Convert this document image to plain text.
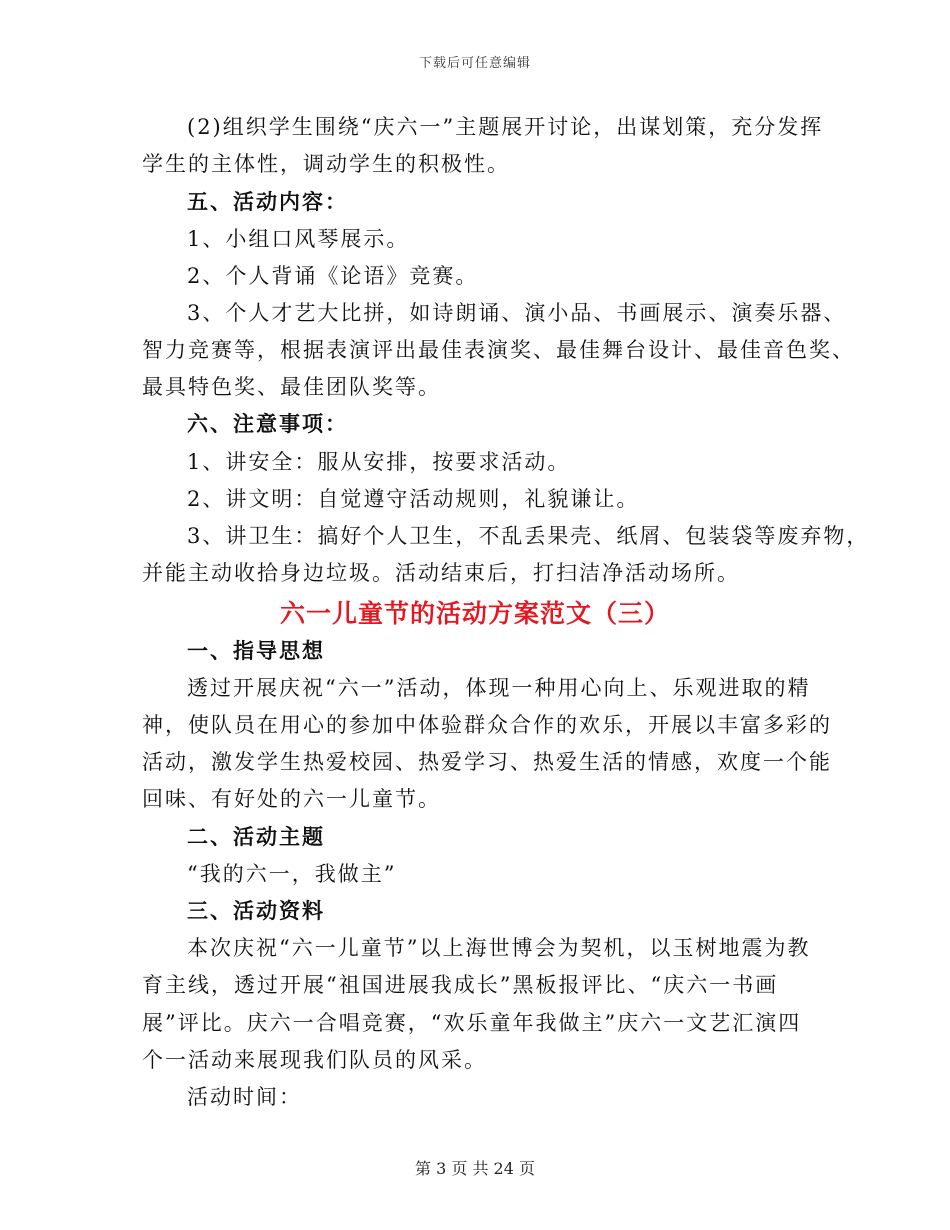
下载后可任意编辑
(2)组织学生围绕“庆六一”主题展开讨论，出谋划策，充分发挥
学生的主体性，调动学生的积极性。
五、活动内容：
1、小组口风琴展示。
2、个人背诵《论语》竞赛。
3、个人才艺大比拼，如诗朗诵、演小品、书画展示、演奏乐器、
智力竞赛等，根据表演评出最佳表演奖、最佳舞台设计、最佳音色奖、
最具特色奖、最佳团队奖等。
六、注意事项：
1、讲安全：服从安排，按要求活动。
2、讲文明：自觉遵守活动规则，礼貌谦让。
3、讲卫生：搞好个人卫生，不乱丢果壳、纸屑、包装袋等废弃物，
并能主动收拾身边垃圾。活动结束后，打扫洁净活动场所。
六一儿童节的活动方案范文（三）
一、指导思想
透过开展庆祝“六一”活动，体现一种用心向上、乐观进取的精
神，使队员在用心的参加中体验群众合作的欢乐，开展以丰富多彩的
活动，激发学生热爱校园、热爱学习、热爱生活的情感，欢度一个能
回味、有好处的六一儿童节。
二、活动主题
“我的六一，我做主”
三、活动资料
本次庆祝“六一儿童节”以上海世博会为契机，以玉树地震为教
育主线，透过开展“祖国进展我成长”黑板报评比、“庆六一书画
展”评比。庆六一合唱竞赛，“欢乐童年我做主”庆六一文艺汇演四
个一活动来展现我们队员的风采。
活动时间：
第 3 页 共 24 页
